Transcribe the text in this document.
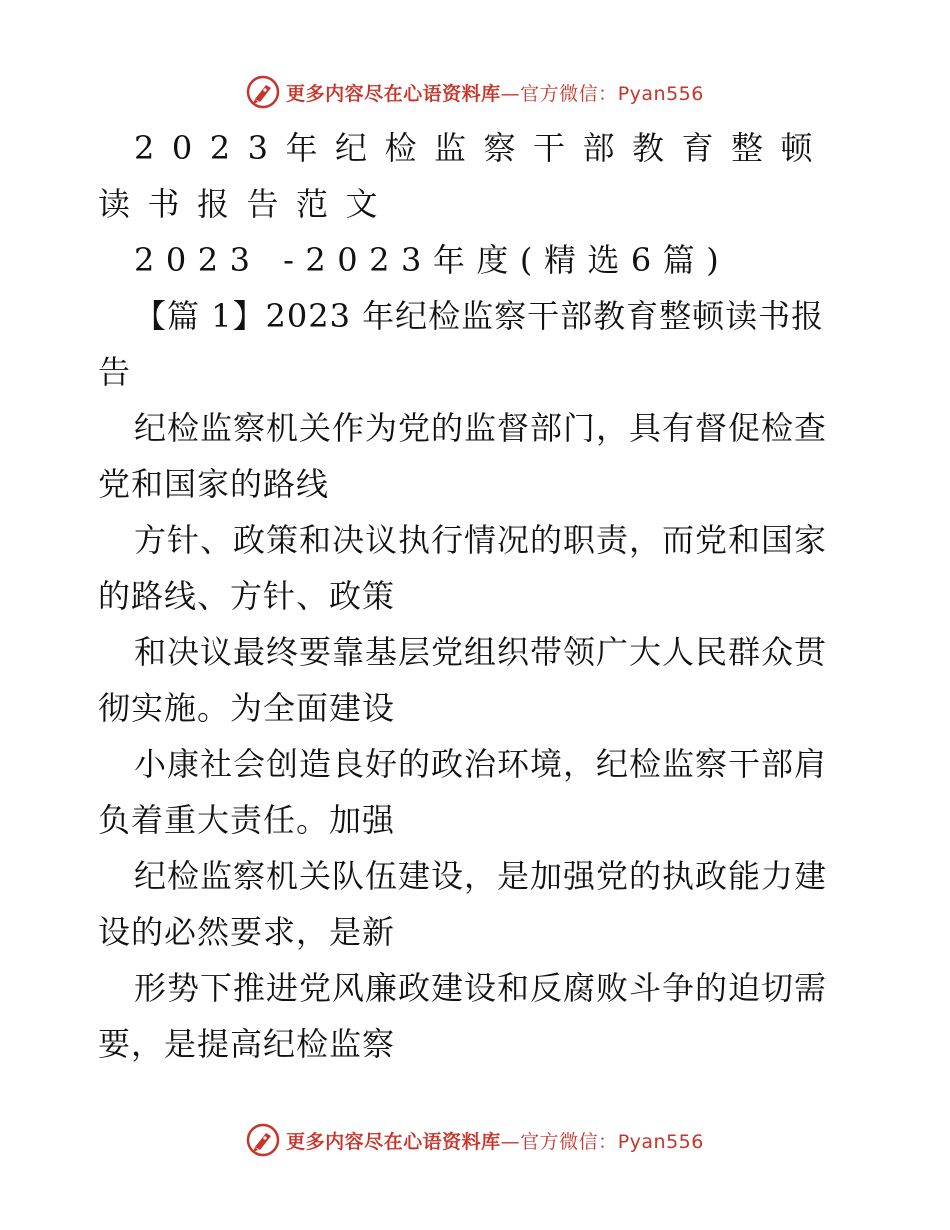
更多内容尽在心语资料库—官方微信：Pyan556
2023年纪检监察干部教育整顿
读书报告范文
2023 -2023年度(精选6篇)
【篇 1】2023 年纪检监察干部教育整顿读书报
告
纪检监察机关作为党的监督部门，具有督促检查
党和国家的路线
方针、政策和决议执行情况的职责，而党和国家
的路线、方针、政策
和决议最终要靠基层党组织带领广大人民群众贯
彻实施。为全面建设
小康社会创造良好的政治环境，纪检监察干部肩
负着重大责任。加强
纪检监察机关队伍建设，是加强党的执政能力建
设的必然要求，是新
形势下推进党风廉政建设和反腐败斗争的迫切需
要，是提高纪检监察
更多内容尽在心语资料库—官方微信：Pyan556
